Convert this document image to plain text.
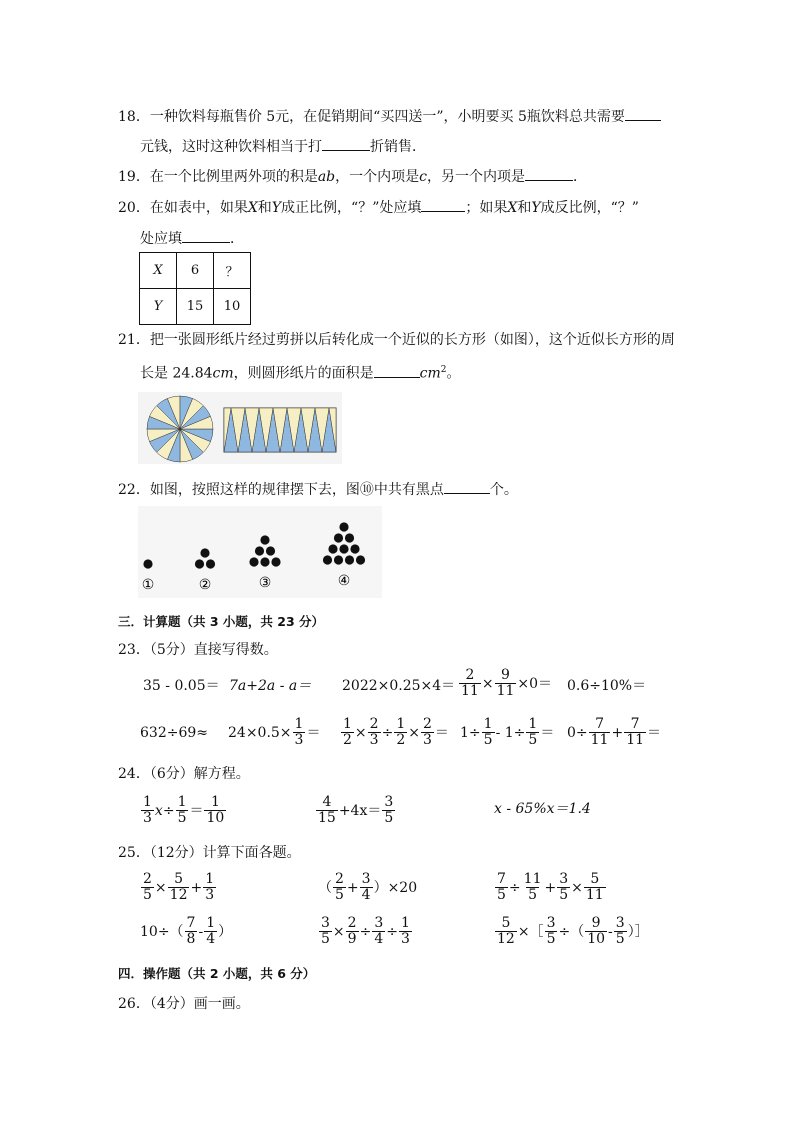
18．一种饮料每瓶售价 5元，在促销期间“买四送一”，小明要买 5瓶饮料总共需要
元钱，这时这种饮料相当于打	折销售．
19．在一个比例里两外项的积是ab，一个内项是c，另一个内项是	．
20．在如表中，如果X和Y成正比例，“？”处应填	；如果X和Y成反比例，“？”
处应填	．
X	6	？
Y	15	10
21．把一张圆形纸片经过剪拼以后转化成一个近似的长方形（如图），这个近似长方形的周
长是 24.84cm，则圆形纸片的面积是	$cm^2$。
22．如图，按照这样的规律摆下去，图⑩中共有黑点	个。
①	②	③	④
三．计算题（共 3 小题，共 23 分）
23．（5分）直接写得数。
$35 - 0.05= 7a+2a - a= 2022\times 0.25\times 4= \frac{2}{11} \times \frac{9}{11} \times 0= 0.6\div 10\%=$
$632\div 69\approx 24\times 0.5\times \frac{1}{3} = \frac{1}{2} \times \frac{2}{3} \div \frac{1}{2} \times \frac{2}{3} = 1\div \frac{1}{5} - 1\div \frac{1}{5} = 0\div \frac{7}{11} + \frac{7}{11}$ ＝
24．（6分）解方程。
$\frac{1}{3} x\div \frac{1}{5} = \frac{1}{10}$	$\frac{4}{15} +4x= \frac{3}{5}$	x - 65%x＝1.4
25．（12分）计算下面各题。
$\frac{2}{5} \times \frac{5}{12} + \frac{1}{3}$	（ $\frac{2}{5} + \frac{3}{4} )\times 20$	$\frac{7}{5} \div \frac{11}{5} + \frac{3}{5} \times \frac{5}{11}$
$10\div( \frac{7}{8} - \frac{1}{4}$ ）	$\frac{3}{5} \times \frac{2}{9} \div \frac{3}{4} \div \frac{1}{3}$	$\frac{5}{12}$ ×［ $\frac{3}{5}$ ÷（ $\frac{9}{10} - \frac{3}{5}$ ）］
四．操作题（共 2 小题，共 6 分）
26．（4分）画一画。
